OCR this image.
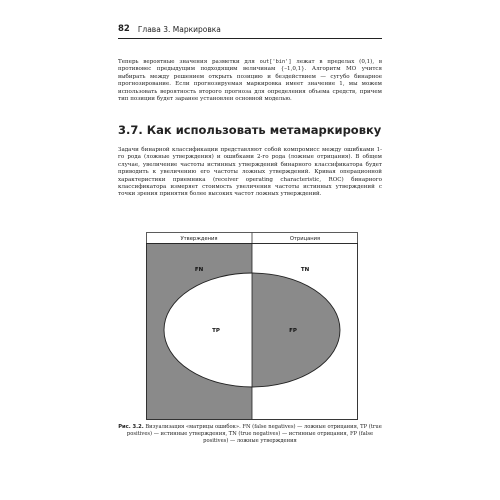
82 Глава 3. Маркировка

Теперь вероятные значения разметки для out['bin'] лежат в пределах (0,1), в противовес предыдущим подходящим величинам {–1,0,1}. Алгоритм МО учится выбирать между решением открыть позицию и бездействием — сугубо бинарное прогнозирование. Если прогнозируемая маркировка имеет значение 1, мы можем использовать вероятность второго прогноза для определения объема средств, причем тип позиции будет заранее установлен основной моделью.

3.7. Как использовать метамаркировку

Задачи бинарной классификации представляют собой компромисс между ошибками 1-го рода (ложные утверждения) и ошибками 2-го рода (ложные отрицания). В общем случае, увеличение частоты истинных утверждений бинарного классификатора будет приводить к увеличению его частоты ложных утверждений. Кривая операционной характеристики приемника (receiver operating characteristic, ROC) бинарного классификатора измеряет стоимость увеличения частоты истинных утверждений с точки зрения принятия более высоких частот ложных утверждений.

Утверждения	Отрицания
FN	TN
TP	FP

Рис. 3.2. Визуализация «матрицы ошибок». FN (false negatives) — ложные отрицания, TP (true positives) — истинные утверждения, TN (true negatives) — истинные отрицания, FP (false positives) — ложные утверждения
